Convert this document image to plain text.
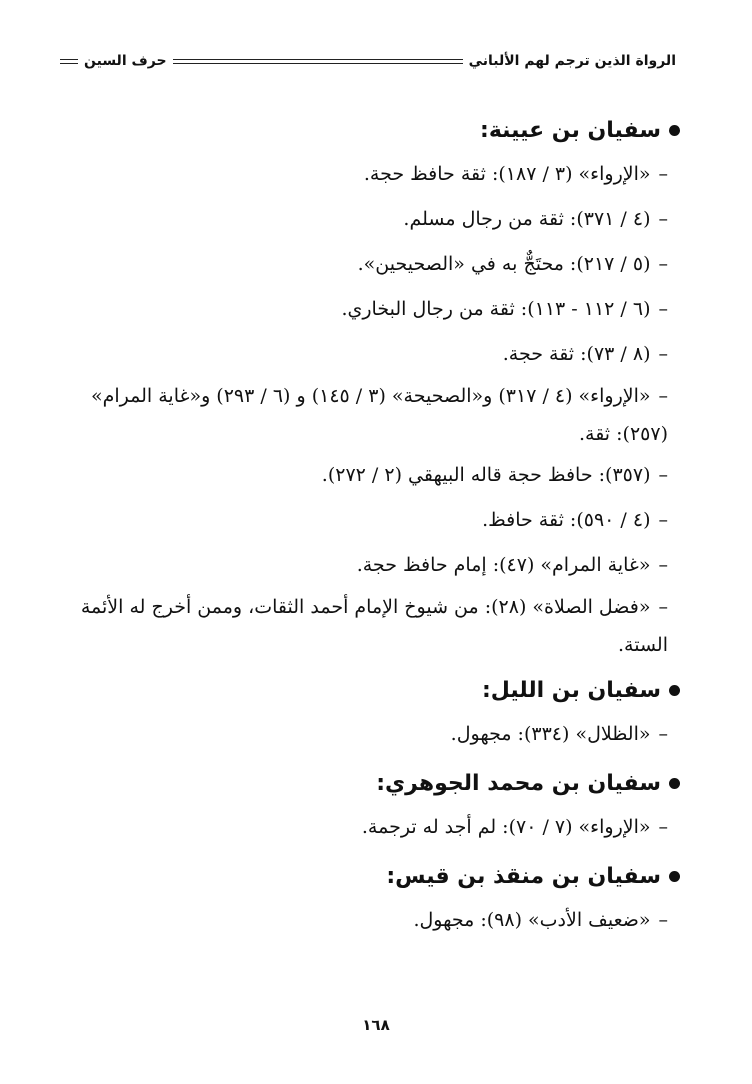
الرواة الذين ترجم لهم الألباني
حرف السين
سفيان بن عيينة:
–«الإرواء» (٣ / ١٨٧): ثقة حافظ حجة.
–(٤ / ٣٧١): ثقة من رجال مسلم.
–(٥ / ٢١٧): محتَجٌّ به في «الصحيحين».
–(٦ / ١١٢ - ١١٣): ثقة من رجال البخاري.
–(٨ / ٧٣): ثقة حجة.
–«الإرواء» (٤ / ٣١٧) و«الصحيحة» (٣ / ١٤٥) و (٦ / ٢٩٣) و«غاية المرام» (٢٥٧): ثقة.
–(٣٥٧): حافظ حجة قاله البيهقي (٢ / ٢٧٢).
–(٤ / ٥٩٠): ثقة حافظ.
–«غاية المرام» (٤٧): إمام حافظ حجة.
–«فضل الصلاة» (٢٨): من شيوخ الإمام أحمد الثقات، وممن أخرج له الأئمة الستة.
سفيان بن الليل:
–«الظلال» (٣٣٤): مجهول.
سفيان بن محمد الجوهري:
–«الإرواء» (٧ / ٧٠): لم أجد له ترجمة.
سفيان بن منقذ بن قيس:
–«ضعيف الأدب» (٩٨): مجهول.
١٦٨
